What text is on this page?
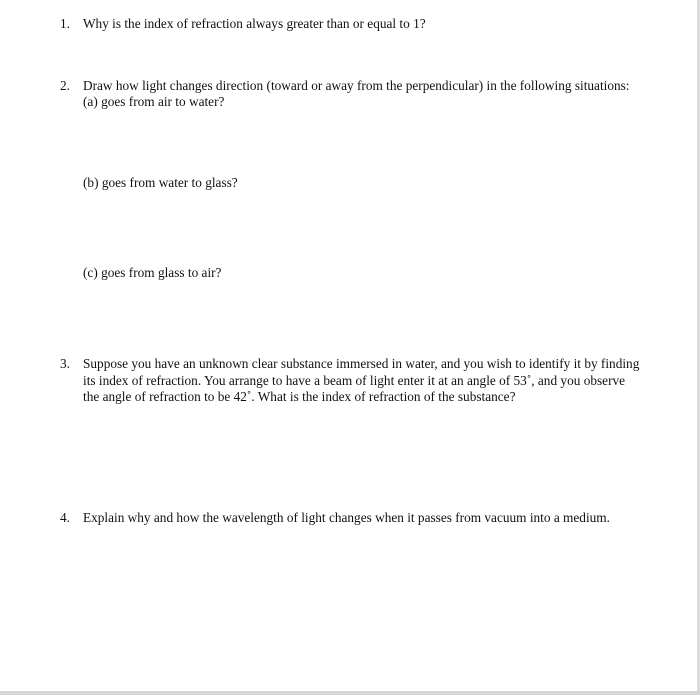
1. Why is the index of refraction always greater than or equal to 1?
2. Draw how light changes direction (toward or away from the perpendicular) in the following situations:
(a) goes from air to water?
(b) goes from water to glass?
(c) goes from glass to air?
3. Suppose you have an unknown clear substance immersed in water, and you wish to identify it by finding
its index of refraction. You arrange to have a beam of light enter it at an angle of 53˚, and you observe
the angle of refraction to be 42˚. What is the index of refraction of the substance?
4. Explain why and how the wavelength of light changes when it passes from vacuum into a medium.
